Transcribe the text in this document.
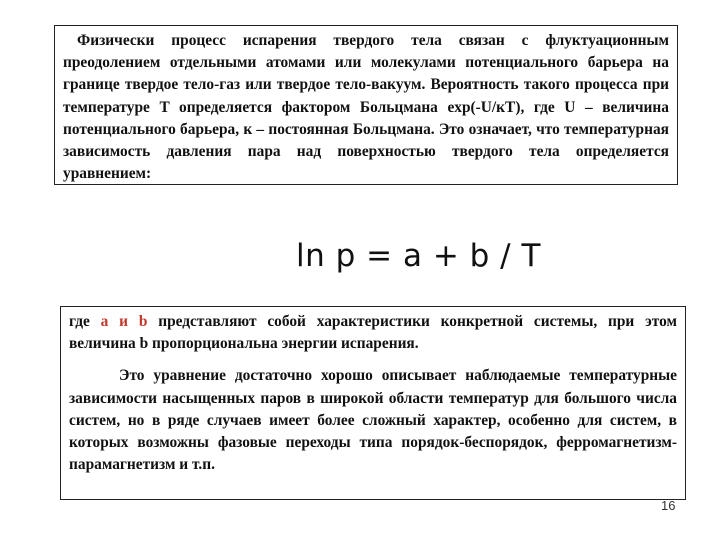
Физически процесс испарения твердого тела связан с флуктуационным преодолением отдельными атомами или молекулами потенциального барьера на границе твердое тело-газ или твердое тело-вакуум. Вероятность такого процесса при температуре T определяется фактором Больцмана exp(-U/кT), где U – величина потенциального барьера, к – постоянная Больцмана. Это означает, что температурная зависимость давления пара над поверхностью твердого тела определяется уравнением:

ln p = a + b / T

где a и b представляют собой характеристики конкретной системы, при этом величина b пропорциональна энергии испарения.

Это уравнение достаточно хорошо описывает наблюдаемые температурные зависимости насыщенных паров в широкой области температур для большого числа систем, но в ряде случаев имеет более сложный характер, особенно для систем, в которых возможны фазовые переходы типа порядок-беспорядок, ферромагнетизм-парамагнетизм и т.п.

16
